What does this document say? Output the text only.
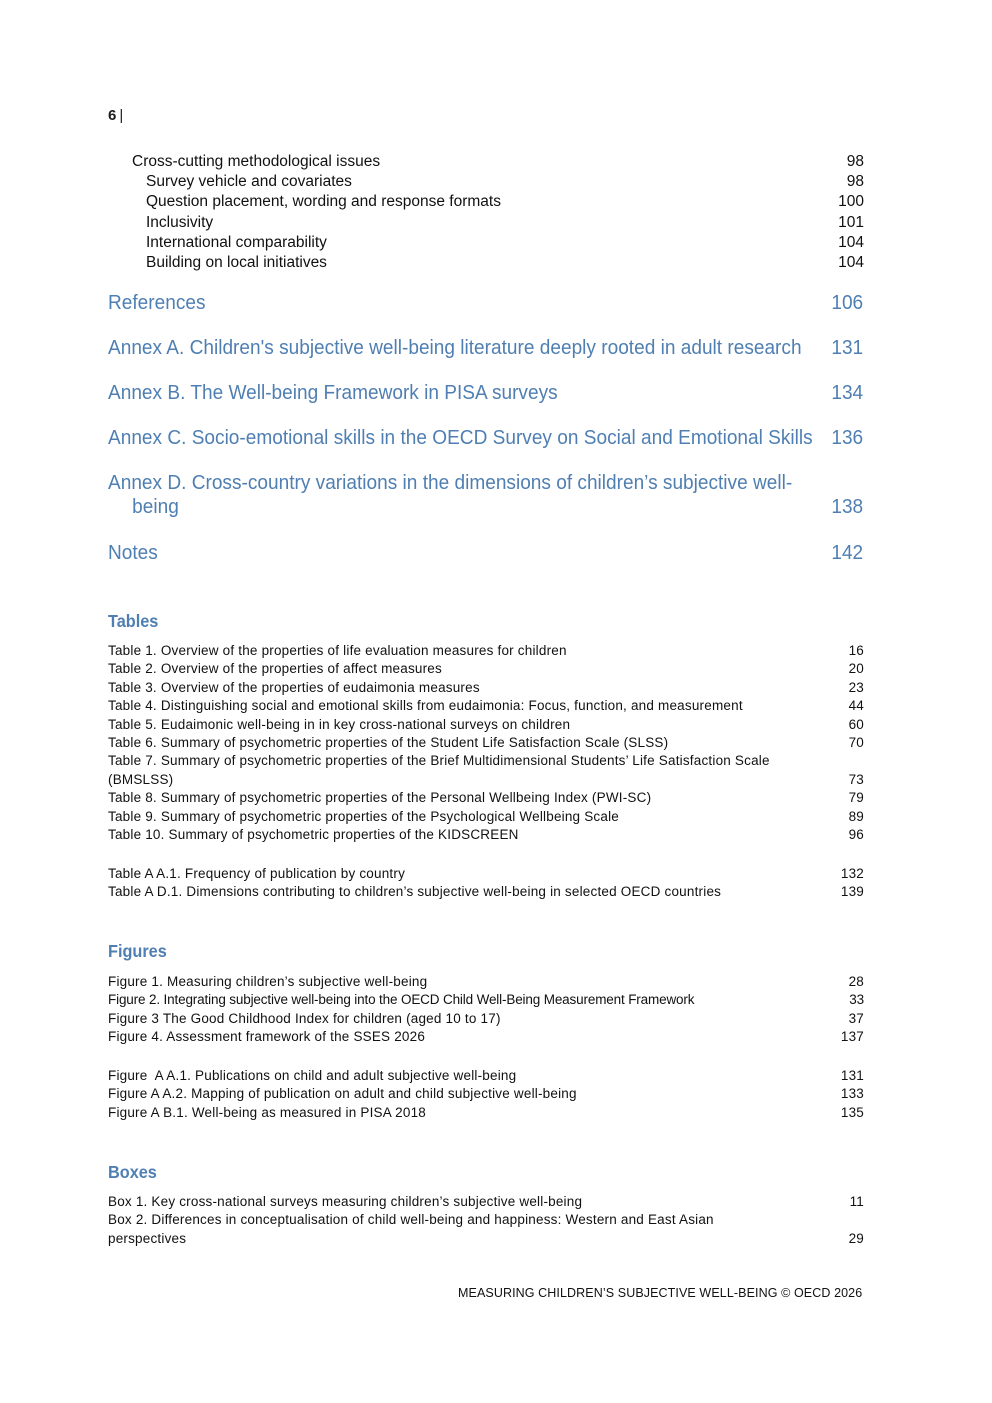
6 |
Cross-cutting methodological issues	98
Survey vehicle and covariates	98
Question placement, wording and response formats	100
Inclusivity	101
International comparability	104
Building on local initiatives	104
References	106
Annex A. Children's subjective well-being literature deeply rooted in adult research 131
Annex B. The Well-being Framework in PISA surveys	134
Annex C. Socio-emotional skills in the OECD Survey on Social and Emotional Skills 136
Annex D. Cross-country variations in the dimensions of children’s subjective well-
being	138
Notes	142
Tables
Table 1. Overview of the properties of life evaluation measures for children	16
Table 2. Overview of the properties of affect measures	20
Table 3. Overview of the properties of eudaimonia measures	23
Table 4. Distinguishing social and emotional skills from eudaimonia: Focus, function, and measurement	44
Table 5. Eudaimonic well-being in in key cross-national surveys on children	60
Table 6. Summary of psychometric properties of the Student Life Satisfaction Scale (SLSS)	70
Table 7. Summary of psychometric properties of the Brief Multidimensional Students’ Life Satisfaction Scale (BMSLSS)	73
Table 8. Summary of psychometric properties of the Personal Wellbeing Index (PWI-SC)	79
Table 9. Summary of psychometric properties of the Psychological Wellbeing Scale	89
Table 10. Summary of psychometric properties of the KIDSCREEN	96
Table A A.1. Frequency of publication by country	132
Table A D.1. Dimensions contributing to children’s subjective well-being in selected OECD countries	139
Figures
Figure 1. Measuring children’s subjective well-being	28
Figure 2. Integrating subjective well-being into the OECD Child Well-Being Measurement Framework	33
Figure 3 The Good Childhood Index for children (aged 10 to 17)	37
Figure 4. Assessment framework of the SSES 2026	137
Figure  A A.1. Publications on child and adult subjective well-being	131
Figure A A.2. Mapping of publication on adult and child subjective well-being	133
Figure A B.1. Well-being as measured in PISA 2018	135
Boxes
Box 1. Key cross-national surveys measuring children’s subjective well-being	11
Box 2. Differences in conceptualisation of child well-being and happiness: Western and East Asian perspectives	29
MEASURING CHILDREN’S SUBJECTIVE WELL-BEING © OECD 2026
